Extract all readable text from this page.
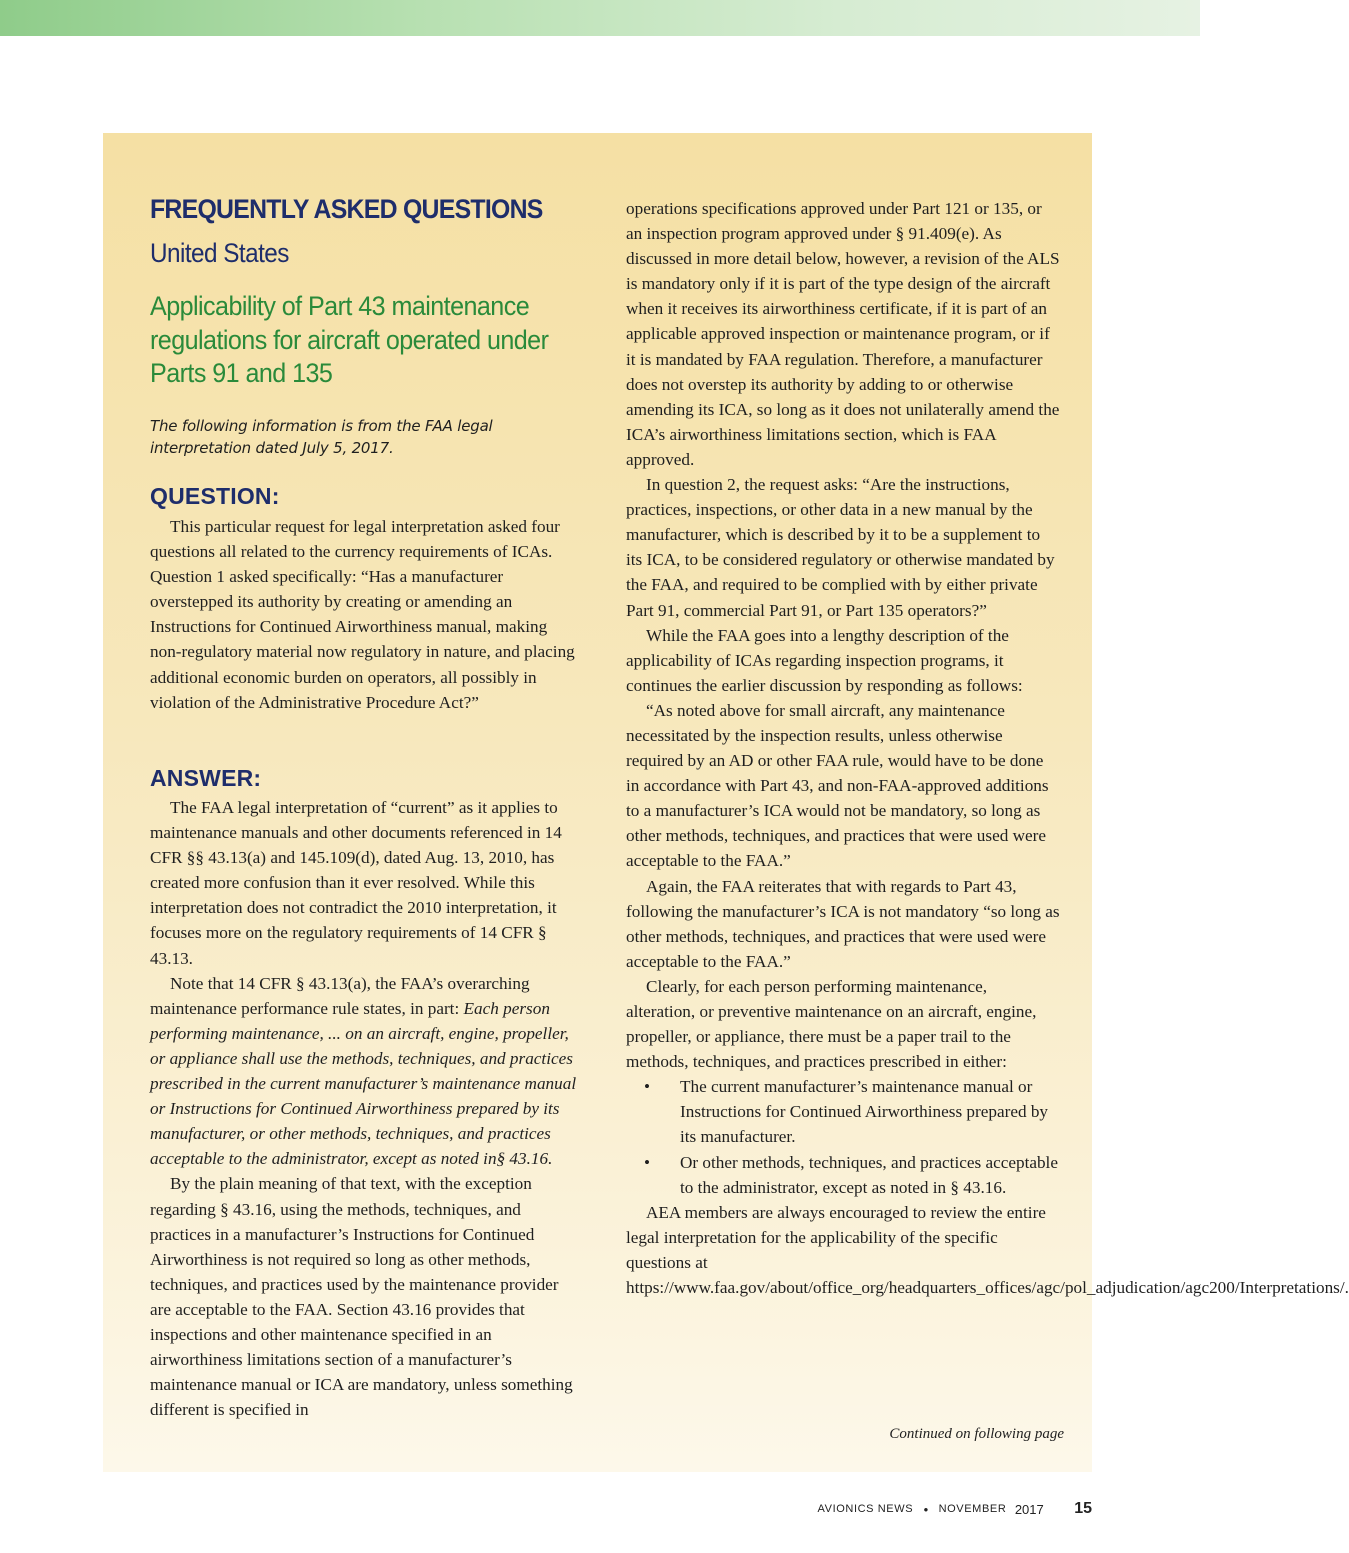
FREQUENTLY ASKED QUESTIONS
United States
Applicability of Part 43 maintenance regulations for aircraft operated under Parts 91 and 135

The following information is from the FAA legal interpretation dated July 5, 2017.

QUESTION:

This particular request for legal interpretation asked four questions all related to the currency requirements of ICAs. Question 1 asked specifically: “Has a manufacturer overstepped its authority by creating or amending an Instructions for Continued Airworthiness manual, making non-regulatory material now regulatory in nature, and placing additional economic burden on operators, all possibly in violation of the Administrative Procedure Act?”

ANSWER:

The FAA legal interpretation of “current” as it applies to maintenance manuals and other documents referenced in 14 CFR §§ 43.13(a) and 145.109(d), dated Aug. 13, 2010, has created more confusion than it ever resolved. While this interpretation does not contradict the 2010 interpretation, it focuses more on the regulatory requirements of 14 CFR § 43.13.

Note that 14 CFR § 43.13(a), the FAA’s overarching maintenance performance rule states, in part: Each person performing maintenance, ... on an aircraft, engine, propeller, or appliance shall use the methods, techniques, and practices prescribed in the current manufacturer’s maintenance manual or Instructions for Continued Airworthiness prepared by its manufacturer, or other methods, techniques, and practices acceptable to the administrator, except as noted in§ 43.16.

By the plain meaning of that text, with the exception regarding § 43.16, using the methods, techniques, and practices in a manufacturer’s Instructions for Continued Airworthiness is not required so long as other methods, techniques, and practices used by the maintenance provider are acceptable to the FAA. Section 43.16 provides that inspections and other maintenance specified in an airworthiness limitations section of a manufacturer’s maintenance manual or ICA are mandatory, unless something different is specified in

operations specifications approved under Part 121 or 135, or an inspection program approved under § 91.409(e). As discussed in more detail below, however, a revision of the ALS is mandatory only if it is part of the type design of the aircraft when it receives its airworthiness certificate, if it is part of an applicable approved inspection or maintenance program, or if it is mandated by FAA regulation. Therefore, a manufacturer does not overstep its authority by adding to or otherwise amending its ICA, so long as it does not unilaterally amend the ICA’s airworthiness limitations section, which is FAA approved.

In question 2, the request asks: “Are the instructions, practices, inspections, or other data in a new manual by the manufacturer, which is described by it to be a supplement to its ICA, to be considered regulatory or otherwise mandated by the FAA, and required to be complied with by either private Part 91, commercial Part 91, or Part 135 operators?”

While the FAA goes into a lengthy description of the applicability of ICAs regarding inspection programs, it continues the earlier discussion by responding as follows:

“As noted above for small aircraft, any maintenance necessitated by the inspection results, unless otherwise required by an AD or other FAA rule, would have to be done in accordance with Part 43, and non-FAA-approved additions to a manufacturer’s ICA would not be mandatory, so long as other methods, techniques, and practices that were used were acceptable to the FAA.”

Again, the FAA reiterates that with regards to Part 43, following the manufacturer’s ICA is not mandatory “so long as other methods, techniques, and practices that were used were acceptable to the FAA.”

Clearly, for each person performing maintenance, alteration, or preventive maintenance on an aircraft, engine, propeller, or appliance, there must be a paper trail to the methods, techniques, and practices prescribed in either:

• The current manufacturer’s maintenance manual or Instructions for Continued Airworthiness prepared by its manufacturer.
• Or other methods, techniques, and practices acceptable to the administrator, except as noted in § 43.16.

AEA members are always encouraged to review the entire legal interpretation for the applicability of the specific questions at https://www.faa.gov/about/office_org/headquarters_offices/agc/pol_adjudication/agc200/Interpretations/.

Continued on following page
AVIONICS NEWS • NOVEMBER 2017 15
